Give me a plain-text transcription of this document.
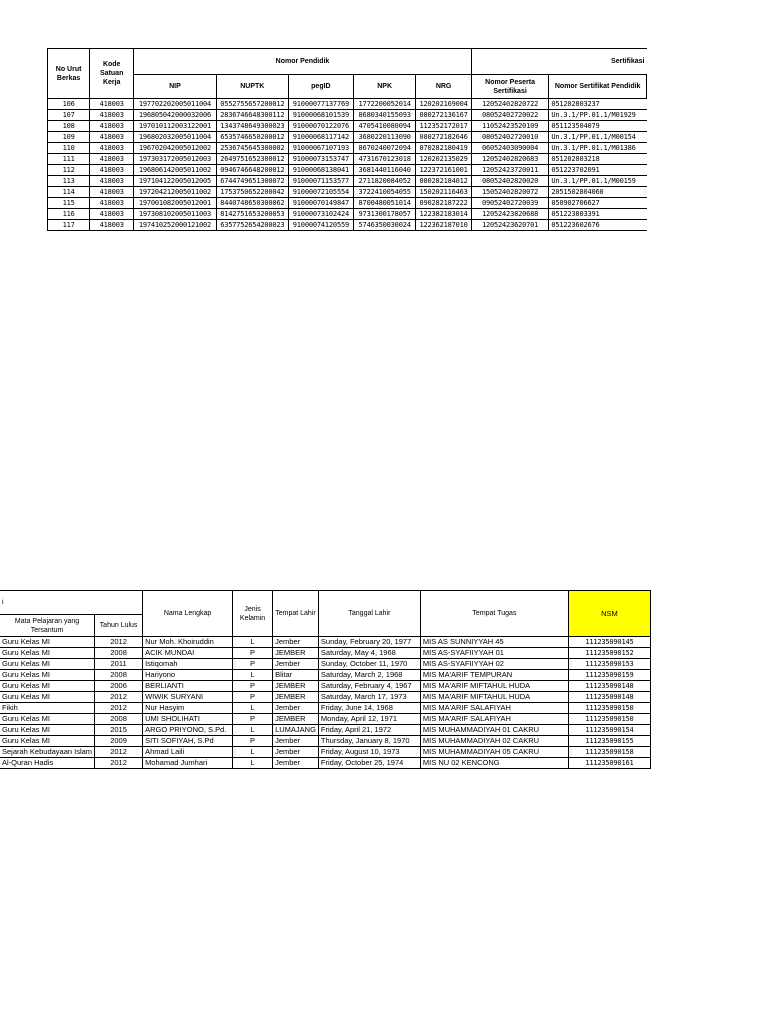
No Urut Berkas	Kode Satuan Kerja	Nomor Pendidik					Sertifikasi	
		NIP	NUPTK	pegID	NPK	NRG	Nomor Peserta Sertifikasi	Nomor Sertifikat Pendidik
106	418003	197702202005011004	0552755657200012	91000077137769	1772200052014	120202169004	12052402820722	051202803237
107	418003	196805042000032006	2836746648300112	91000068101539	8680340155093	080272136167	08052402720022	Un.3.1/PP.01.1/M01929
108	418003	197010112003122001	1343748649300023	91000070122076	4705410080094	112352172017	11052423520109	051123504079
109	418003	196802032005011004	6535746650200012	91000068117142	3680220113090	080272182646	08052402720010	Un.3.1/PP.01.1/M00154
110	418003	196702042005012002	2536745645300002	91000067107193	8670240072094	070282180419	06052403090004	Un.3.1/PP.01.1/M01386
111	418003	197303172005012003	2649751652300012	91000073153747	4731670123018	120202135029	12052402820683	051202803218
112	418003	196806142005011002	0946746648200012	91000068138041	3681440116040	122372161001	12052423720011	051223702091
113	418003	197104122005012005	6744749651300072	91000071153577	2711820084052	080282184012	08052402820020	Un.3.1/PP.01.1/M00159
114	418003	197204212005011002	1753750652200042	91000072105554	3722410054055	150202116463	15052402820072	2051502804060
115	418003	197001082005012001	8440748650300062	91000070149847	8700480051014	090282187222	09052402720039	050902706627
116	418003	197308102005011003	8142751653200053	91000073102424	9731300178057	122382183014	12052423820688	051223803391
117	418003	197410252000121002	6357752654200023	91000074120559	5746350030024	122362187010	12052423620701	051223602676
i		Nama Lengkap	Jenis Kelamin	Tempat Lahir	Tanggal Lahir	Tempat Tugas	NSM
Mata Pelajaran yang Tersantum	Tahun Lulus						
Guru Kelas MI	2012	Nur Moh. Khoiruddin	L	Jember	Sunday, February 20, 1977	MIS AS SUNNIYYAH 45	111235090145
Guru Kelas MI	2008	ACIK MUNDAI	P	JEMBER	Saturday, May 4, 1968	MIS AS-SYAFIIYYAH 01	111235090152
Guru Kelas MI	2011	Istiqomah	P	Jember	Sunday, October 11, 1970	MIS AS-SYAFIIYYAH 02	111235090153
Guru Kelas MI	2008	Hariyono	L	Blitar	Saturday, March 2, 1968	MIS MA'ARIF TEMPURAN	111235090159
Guru Kelas MI	2006	BERLIANTI	P	JEMBER	Saturday, February 4, 1967	MIS MA'ARIF MIFTAHUL HUDA	111235090148
Guru Kelas MI	2012	WIWIK SURYANI	P	JEMBER	Saturday, March 17, 1973	MIS MA'ARIF MIFTAHUL HUDA	111235090148
Fikih	2012	Nur Hasyim	L	Jember	Friday, June 14, 1968	MIS MA'ARIF SALAFIYAH	111235090150
Guru Kelas MI	2008	UMI SHOLIHATI	P	JEMBER	Monday, April 12, 1971	MIS MA'ARIF SALAFIYAH	111235090150
Guru Kelas MI	2015	ARGO PRIYONO, S.Pd.	L	LUMAJANG	Friday, April 21, 1972	MIS MUHAMMADIYAH 01 CAKRU	111235090154
Guru Kelas MI	2009	SITI SOFIYAH, S.Pd	P	Jember	Thursday, January 8, 1970	MIS MUHAMMADIYAH 02 CAKRU	111235090155
Sejarah Kebudayaan Islam	2012	Ahmad Laili	L	Jember	Friday, August 10, 1973	MIS MUHAMMADIYAH 05 CAKRU	111235090158
Al-Quran Hadis	2012	Mohamad Jumhari	L	Jember	Friday, October 25, 1974	MIS NU 02 KENCONG	111235090161
